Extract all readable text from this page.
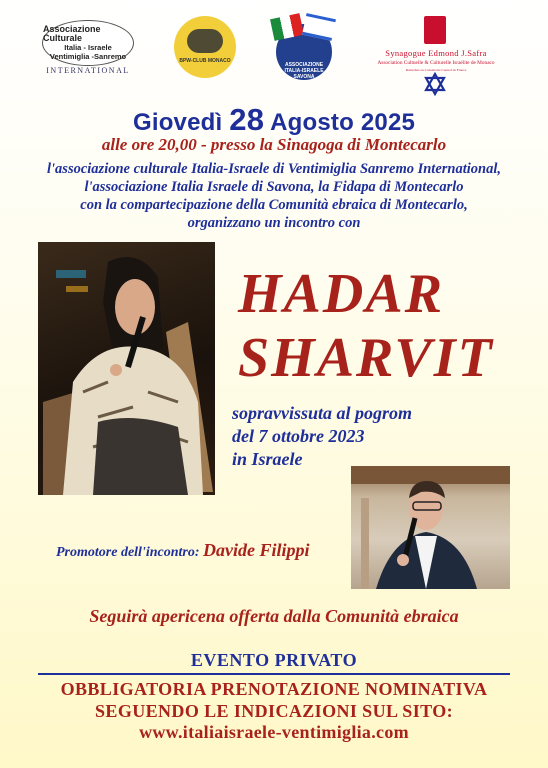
Associazione Culturale
Italia - Israele
Ventimiglia -Sanremo
INTERNATIONAL
BPW-CLUB MONACO
ASSOCIAZIONE
ITALIA-ISRAELE
SAVONA
Synagogue Edmond J.Safra
Association Cultuelle & Culturelle Israélite de Monaco
Rattachée au Consistoire Central de France
Giovedì 28 Agosto 2025
alle ore 20,00 - presso la Sinagoga di Montecarlo
l'associazione culturale Italia-Israele di Ventimiglia Sanremo International,
l'associazione Italia Israele di Savona, la Fidapa di Montecarlo
con la compartecipazione della Comunità ebraica di Montecarlo,
organizzano un incontro con
HADAR
SHARVIT
sopravvissuta al pogrom
del 7 ottobre 2023
in Israele
Promotore dell'incontro: Davide Filippi
Seguirà apericena offerta dalla Comunità ebraica
EVENTO PRIVATO
OBBLIGATORIA PRENOTAZIONE NOMINATIVA
SEGUENDO LE INDICAZIONI SUL SITO:
www.italiaisraele-ventimiglia.com
